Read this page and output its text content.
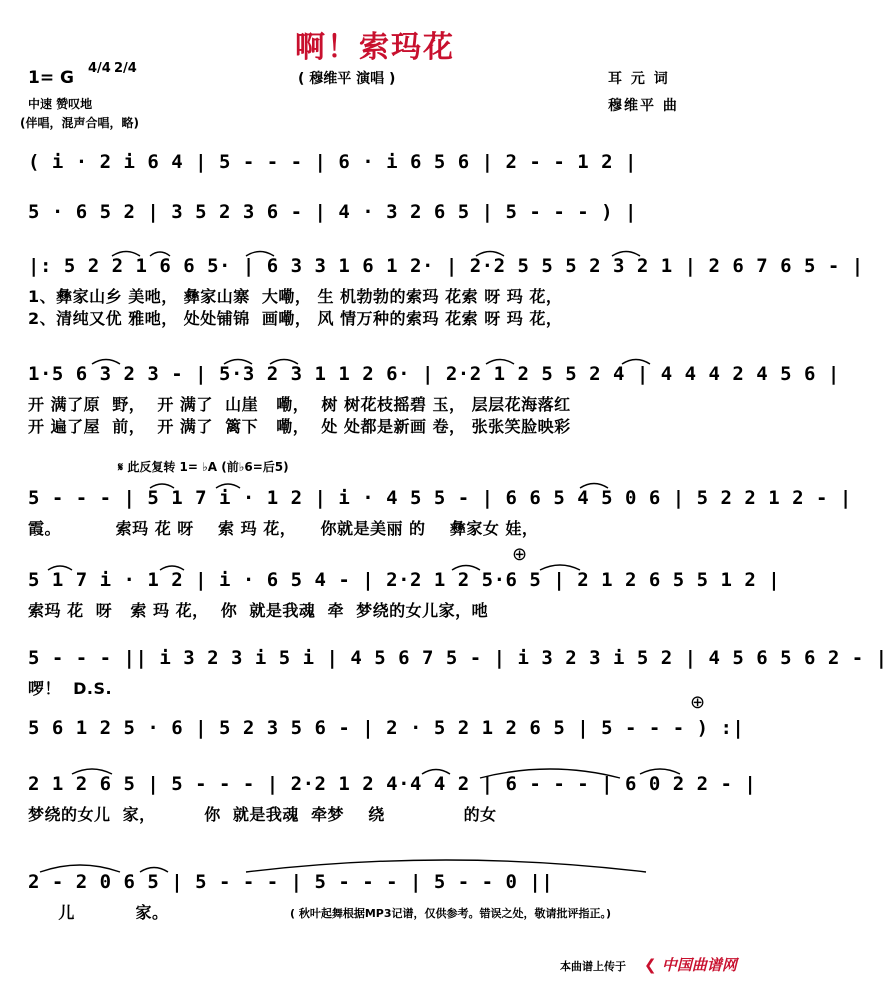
啊！索玛花
1= G 4/4 2/4
中速 赞叹地
(伴唱，混声合唱，略)
( 穆维平 演唱 )	耳 元 词
穆维平 曲
( i · 2 i 6 4 | 5 - - - | 6 · i 6 5 6 | 2 - - 1 2 |
5 · 6 5 2 | 3 5 2 3 6 - | 4 · 3 2 6 5 | 5 - - - ) |
|: 5 2 2 1 6 6 5· | 6 3 3 1 6 1 2· | 2·2 5 5 5 2 3 2 1 | 2 6 7 6 5 - |
1、彝家山乡 美吔， 彝家山寨  大嘞， 生 机勃勃的索玛 花索 呀 玛 花，
2、清纯又优 雅吔， 处处铺锦  画嘞， 风 情万种的索玛 花索 呀 玛 花，
1·5 6 3 2 3 - | 5·3 2 3 1 1 2 6· | 2·2 1 2 5 5 2 4 | 4 4 4 2 4 5 6 |
开 满了原  野，  开 满了  山崖   嘞，  树 树花枝摇碧 玉， 层层花海落红
开 遍了屋  前，  开 满了  篱下   嘞，  处 处都是新画 卷， 张张笑脸映彩
𝄋 此反复转 1= ♭A (前♭6=后5)
5 - - - | 5 1 7 i · 1 2 | i · 4 5 5 - | 6 6 5 4 5 0 6 | 5 2 2 1 2 - |
霞。         索玛 花 呀    索 玛 花，    你就是美丽 的    彝家女 娃，
⊕
5 1 7 i · 1 2 | i · 6 5 4 - | 2·2 1 2 5·6 5 | 2 1 2 6 5 5 1 2 |
索玛 花  呀   索 玛 花，  你  就是我魂  牵  梦绕的女儿家，吔
5 - - - || i 3 2 3 i 5 i | 4 5 6 7 5 - | i 3 2 3 i 5 2 | 4 5 6 5 6 2 - |
啰！  D.S.
⊕
5 6 1 2 5 · 6 | 5 2 3 5 6 - | 2 · 5 2 1 2 6 5 | 5 - - - ) :|
2 1 2 6 5 | 5 - - - | 2·2 1 2 4·4 4 2 | 6 - - - | 6 0 2 2 - |
梦绕的女儿  家，        你  就是我魂  牵梦    绕             的女
2 - 2 0 6 5 | 5 - - - | 5 - - - | 5 - - 0 ||
儿          家。	( 秋叶起舞根据MP3记谱，仅供参考。错误之处，敬请批评指正。)
本曲谱上传于 ❮ 中国曲谱网
